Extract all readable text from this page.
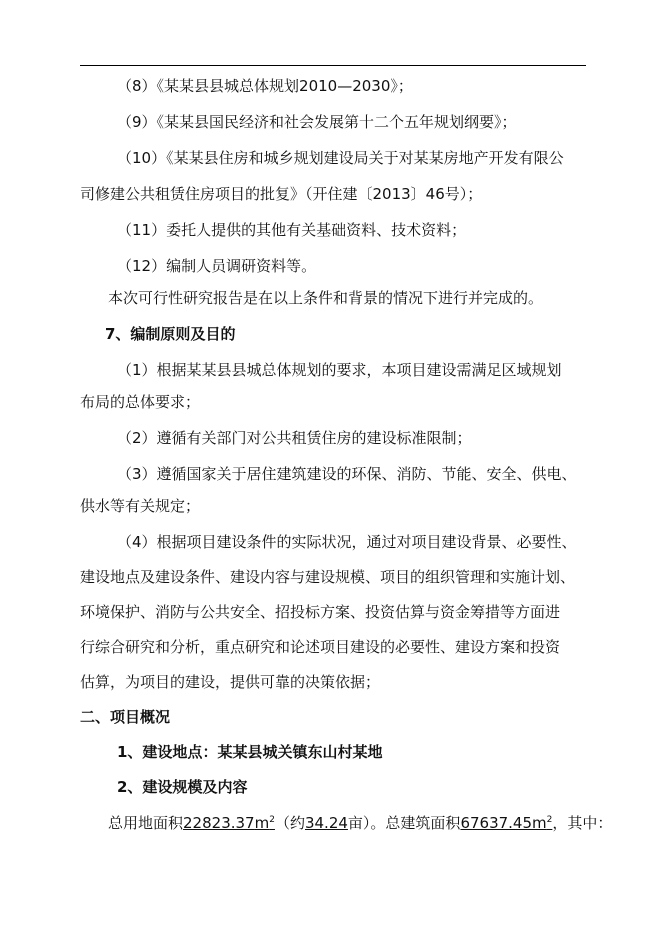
（8）《某某县县城总体规划2010—2030》；
（9）《某某县国民经济和社会发展第十二个五年规划纲要》；
（10）《某某县住房和城乡规划建设局关于对某某房地产开发有限公
司修建公共租赁住房项目的批复》（开住建〔2013〕46号）；
（11）委托人提供的其他有关基础资料、技术资料；
（12）编制人员调研资料等。
本次可行性研究报告是在以上条件和背景的情况下进行并完成的。
7、编制原则及目的
（1）根据某某县县城总体规划的要求，本项目建设需满足区域规划
布局的总体要求；
（2）遵循有关部门对公共租赁住房的建设标准限制；
（3）遵循国家关于居住建筑建设的环保、消防、节能、安全、供电、
供水等有关规定；
（4）根据项目建设条件的实际状况，通过对项目建设背景、必要性、
建设地点及建设条件、建设内容与建设规模、项目的组织管理和实施计划、
环境保护、消防与公共安全、招投标方案、投资估算与资金筹措等方面进
行综合研究和分析，重点研究和论述项目建设的必要性、建设方案和投资
估算，为项目的建设，提供可靠的决策依据；
二、项目概况
1、建设地点：某某县城关镇东山村某地
2、建设规模及内容
总用地面积$22823.37m^2$（约34.24亩）。总建筑面积$67637.45m^2$，其中：
